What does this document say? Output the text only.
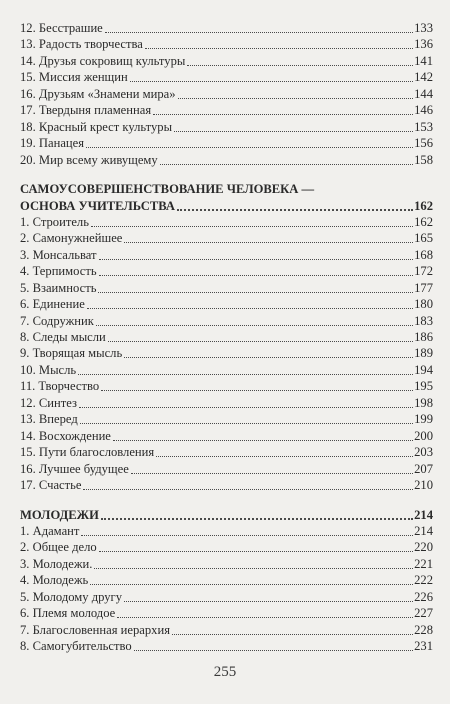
12. Бесстрашие	133
13. Радость творчества	136
14. Друзья сокровищ культуры	141
15. Миссия женщин	142
16. Друзьям «Знамени мира»	144
17. Твердыня пламенная	146
18. Красный крест культуры	153
19. Панацея	156
20. Мир всему живущему	158
САМОУСОВЕРШЕНСТВОВАНИЕ ЧЕЛОВЕКА —
ОСНОВА УЧИТЕЛЬСТВА	162
1. Строитель	162
2. Самонужнейшее	165
3. Монсальват	168
4. Терпимость	172
5. Взаимность	177
6. Единение	180
7. Содружник	183
8. Следы мысли	186
9. Творящая мысль	189
10. Мысль	194
11. Творчество	195
12. Синтез	198
13. Вперед	199
14. Восхождение	200
15. Пути благословления	203
16. Лучшее будущее	207
17. Счастье	210
МОЛОДЕЖИ	214
1. Адамант	214
2. Общее дело	220
3. Молодежи.	221
4. Молодежь	222
5. Молодому другу	226
6. Племя молодое	227
7. Благословенная иерархия	228
8. Самогубительство	231
255
